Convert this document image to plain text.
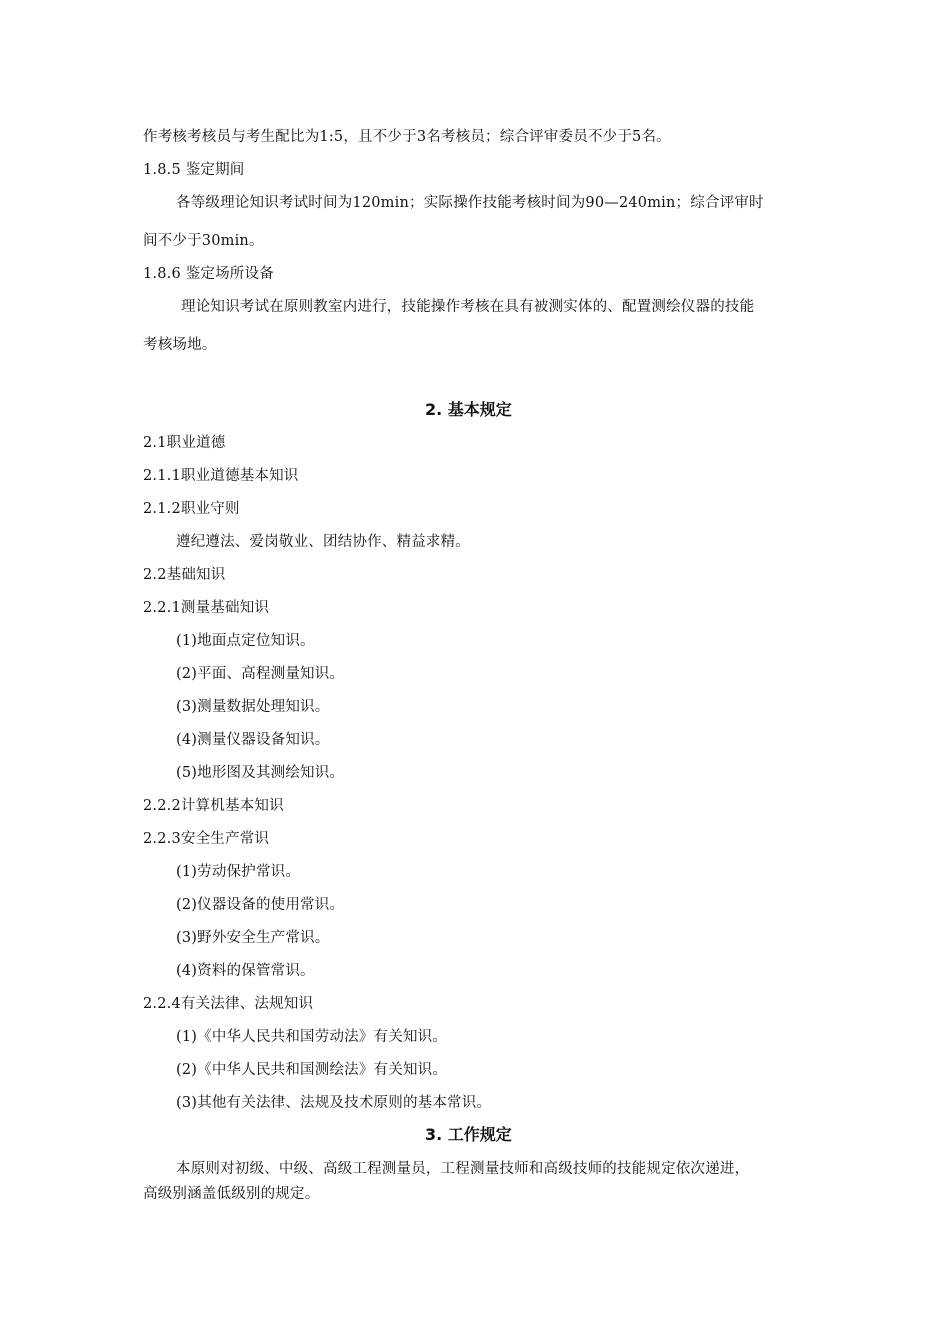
作考核考核员与考生配比为1:5，且不少于3名考核员；综合评审委员不少于5名。
1.8.5 鉴定期间
各等级理论知识考试时间为120min；实际操作技能考核时间为90—240min；综合评审时
间不少于30min。
1.8.6 鉴定场所设备
理论知识考试在原则教室内进行，技能操作考核在具有被测实体的、配置测绘仪器的技能
考核场地。
2. 基本规定
2.1职业道德
2.1.1职业道德基本知识
2.1.2职业守则
遵纪遵法、爱岗敬业、团结协作、精益求精。
2.2基础知识
2.2.1测量基础知识
(1)地面点定位知识。
(2)平面、高程测量知识。
(3)测量数据处理知识。
(4)测量仪器设备知识。
(5)地形图及其测绘知识。
2.2.2计算机基本知识
2.2.3安全生产常识
(1)劳动保护常识。
(2)仪器设备的使用常识。
(3)野外安全生产常识。
(4)资料的保管常识。
2.2.4有关法律、法规知识
(1)《中华人民共和国劳动法》有关知识。
(2)《中华人民共和国测绘法》有关知识。
(3)其他有关法律、法规及技术原则的基本常识。
3. 工作规定
本原则对初级、中级、高级工程测量员，工程测量技师和高级技师的技能规定依次递进，
高级别涵盖低级别的规定。
